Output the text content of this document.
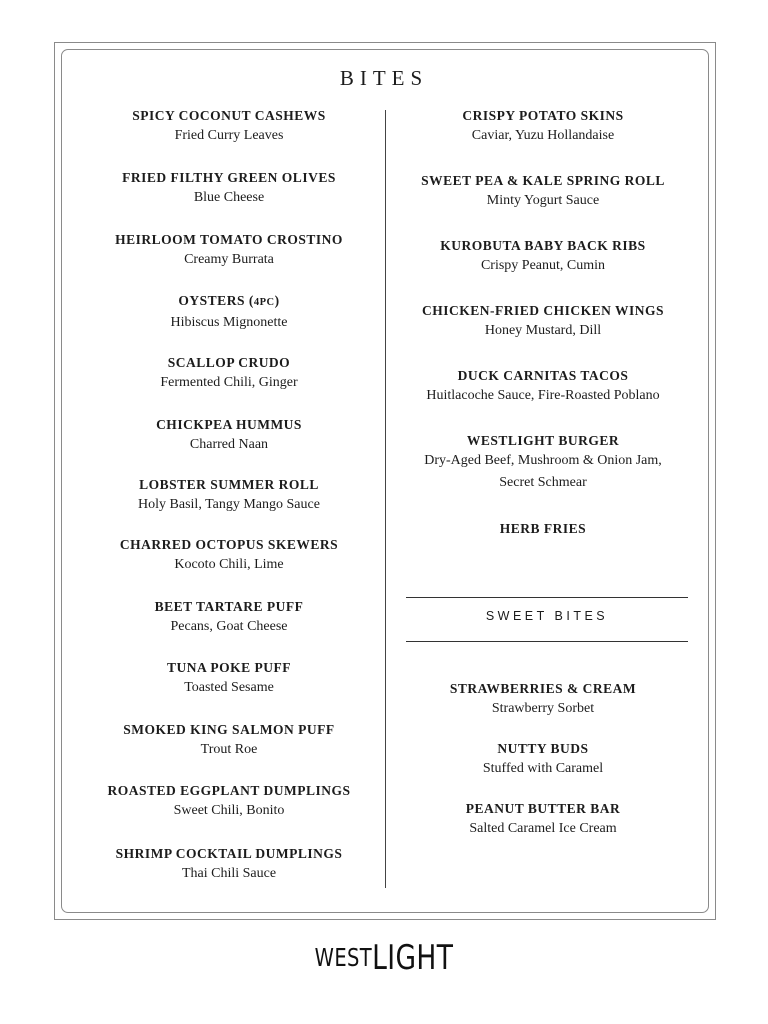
BITES
SPICY COCONUT CASHEWS
Fried Curry Leaves
FRIED FILTHY GREEN OLIVES
Blue Cheese
HEIRLOOM TOMATO CROSTINO
Creamy Burrata
OYSTERS (4PC)
Hibiscus Mignonette
SCALLOP CRUDO
Fermented Chili, Ginger
CHICKPEA HUMMUS
Charred Naan
LOBSTER SUMMER ROLL
Holy Basil, Tangy Mango Sauce
CHARRED OCTOPUS SKEWERS
Kocoto Chili, Lime
BEET TARTARE PUFF
Pecans, Goat Cheese
TUNA POKE PUFF
Toasted Sesame
SMOKED KING SALMON PUFF
Trout Roe
ROASTED EGGPLANT DUMPLINGS
Sweet Chili, Bonito
SHRIMP COCKTAIL DUMPLINGS
Thai Chili Sauce
CRISPY POTATO SKINS
Caviar, Yuzu Hollandaise
SWEET PEA & KALE SPRING ROLL
Minty Yogurt Sauce
KUROBUTA BABY BACK RIBS
Crispy Peanut, Cumin
CHICKEN-FRIED CHICKEN WINGS
Honey Mustard, Dill
DUCK CARNITAS TACOS
Huitlacoche Sauce, Fire-Roasted Poblano
WESTLIGHT BURGER
Dry-Aged Beef, Mushroom & Onion Jam,
Secret Schmear
HERB FRIES
SWEET BITES
STRAWBERRIES & CREAM
Strawberry Sorbet
NUTTY BUDS
Stuffed with Caramel
PEANUT BUTTER BAR
Salted Caramel Ice Cream
WESTLIGHT
